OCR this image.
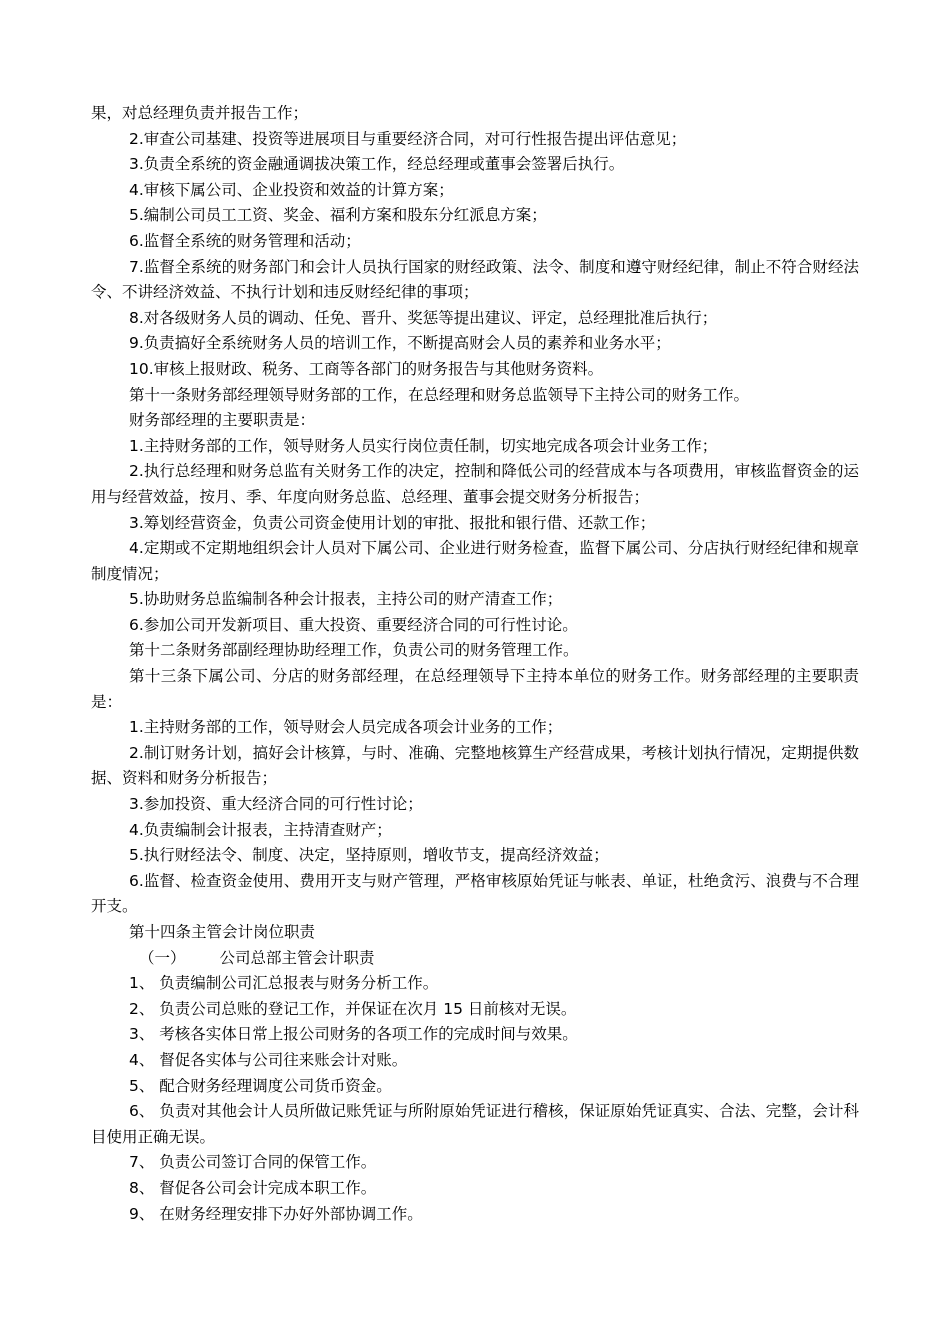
果，对总经理负责并报告工作；

2.审查公司基建、投资等进展项目与重要经济合同，对可行性报告提出评估意见；

3.负责全系统的资金融通调拔决策工作，经总经理或董事会签署后执行。

4.审核下属公司、企业投资和效益的计算方案；

5.编制公司员工工资、奖金、福利方案和股东分红派息方案；

6.监督全系统的财务管理和活动；

7.监督全系统的财务部门和会计人员执行国家的财经政策、法令、制度和遵守财经纪律，制止不符合财经法令、不讲经济效益、不执行计划和违反财经纪律的事项；

8.对各级财务人员的调动、任免、晋升、奖惩等提出建议、评定，总经理批准后执行；

9.负责搞好全系统财务人员的培训工作，不断提高财会人员的素养和业务水平；

10.审核上报财政、税务、工商等各部门的财务报告与其他财务资料。

第十一条财务部经理领导财务部的工作，在总经理和财务总监领导下主持公司的财务工作。

财务部经理的主要职责是：

1.主持财务部的工作，领导财务人员实行岗位责任制，切实地完成各项会计业务工作；

2.执行总经理和财务总监有关财务工作的决定，控制和降低公司的经营成本与各项费用，审核监督资金的运用与经营效益，按月、季、年度向财务总监、总经理、董事会提交财务分析报告；

3.筹划经营资金，负责公司资金使用计划的审批、报批和银行借、还款工作；

4.定期或不定期地组织会计人员对下属公司、企业进行财务检查，监督下属公司、分店执行财经纪律和规章制度情况；

5.协助财务总监编制各种会计报表，主持公司的财产清查工作；

6.参加公司开发新项目、重大投资、重要经济合同的可行性讨论。

第十二条财务部副经理协助经理工作，负责公司的财务管理工作。

第十三条下属公司、分店的财务部经理，在总经理领导下主持本单位的财务工作。财务部经理的主要职责是：

1.主持财务部的工作，领导财会人员完成各项会计业务的工作；

2.制订财务计划，搞好会计核算，与时、准确、完整地核算生产经营成果，考核计划执行情况，定期提供数据、资料和财务分析报告；

3.参加投资、重大经济合同的可行性讨论；

4.负责编制会计报表，主持清查财产；

5.执行财经法令、制度、决定，坚持原则，增收节支，提高经济效益；

6.监督、检查资金使用、费用开支与财产管理，严格审核原始凭证与帐表、单证，杜绝贪污、浪费与不合理开支。

第十四条主管会计岗位职责

（一） 公司总部主管会计职责

1、 负责编制公司汇总报表与财务分析工作。

2、 负责公司总账的登记工作，并保证在次月 15 日前核对无误。

3、 考核各实体日常上报公司财务的各项工作的完成时间与效果。

4、 督促各实体与公司往来账会计对账。

5、 配合财务经理调度公司货币资金。

6、 负责对其他会计人员所做记账凭证与所附原始凭证进行稽核，保证原始凭证真实、合法、完整，会计科目使用正确无误。

7、 负责公司签订合同的保管工作。

8、 督促各公司会计完成本职工作。

9、 在财务经理安排下办好外部协调工作。
